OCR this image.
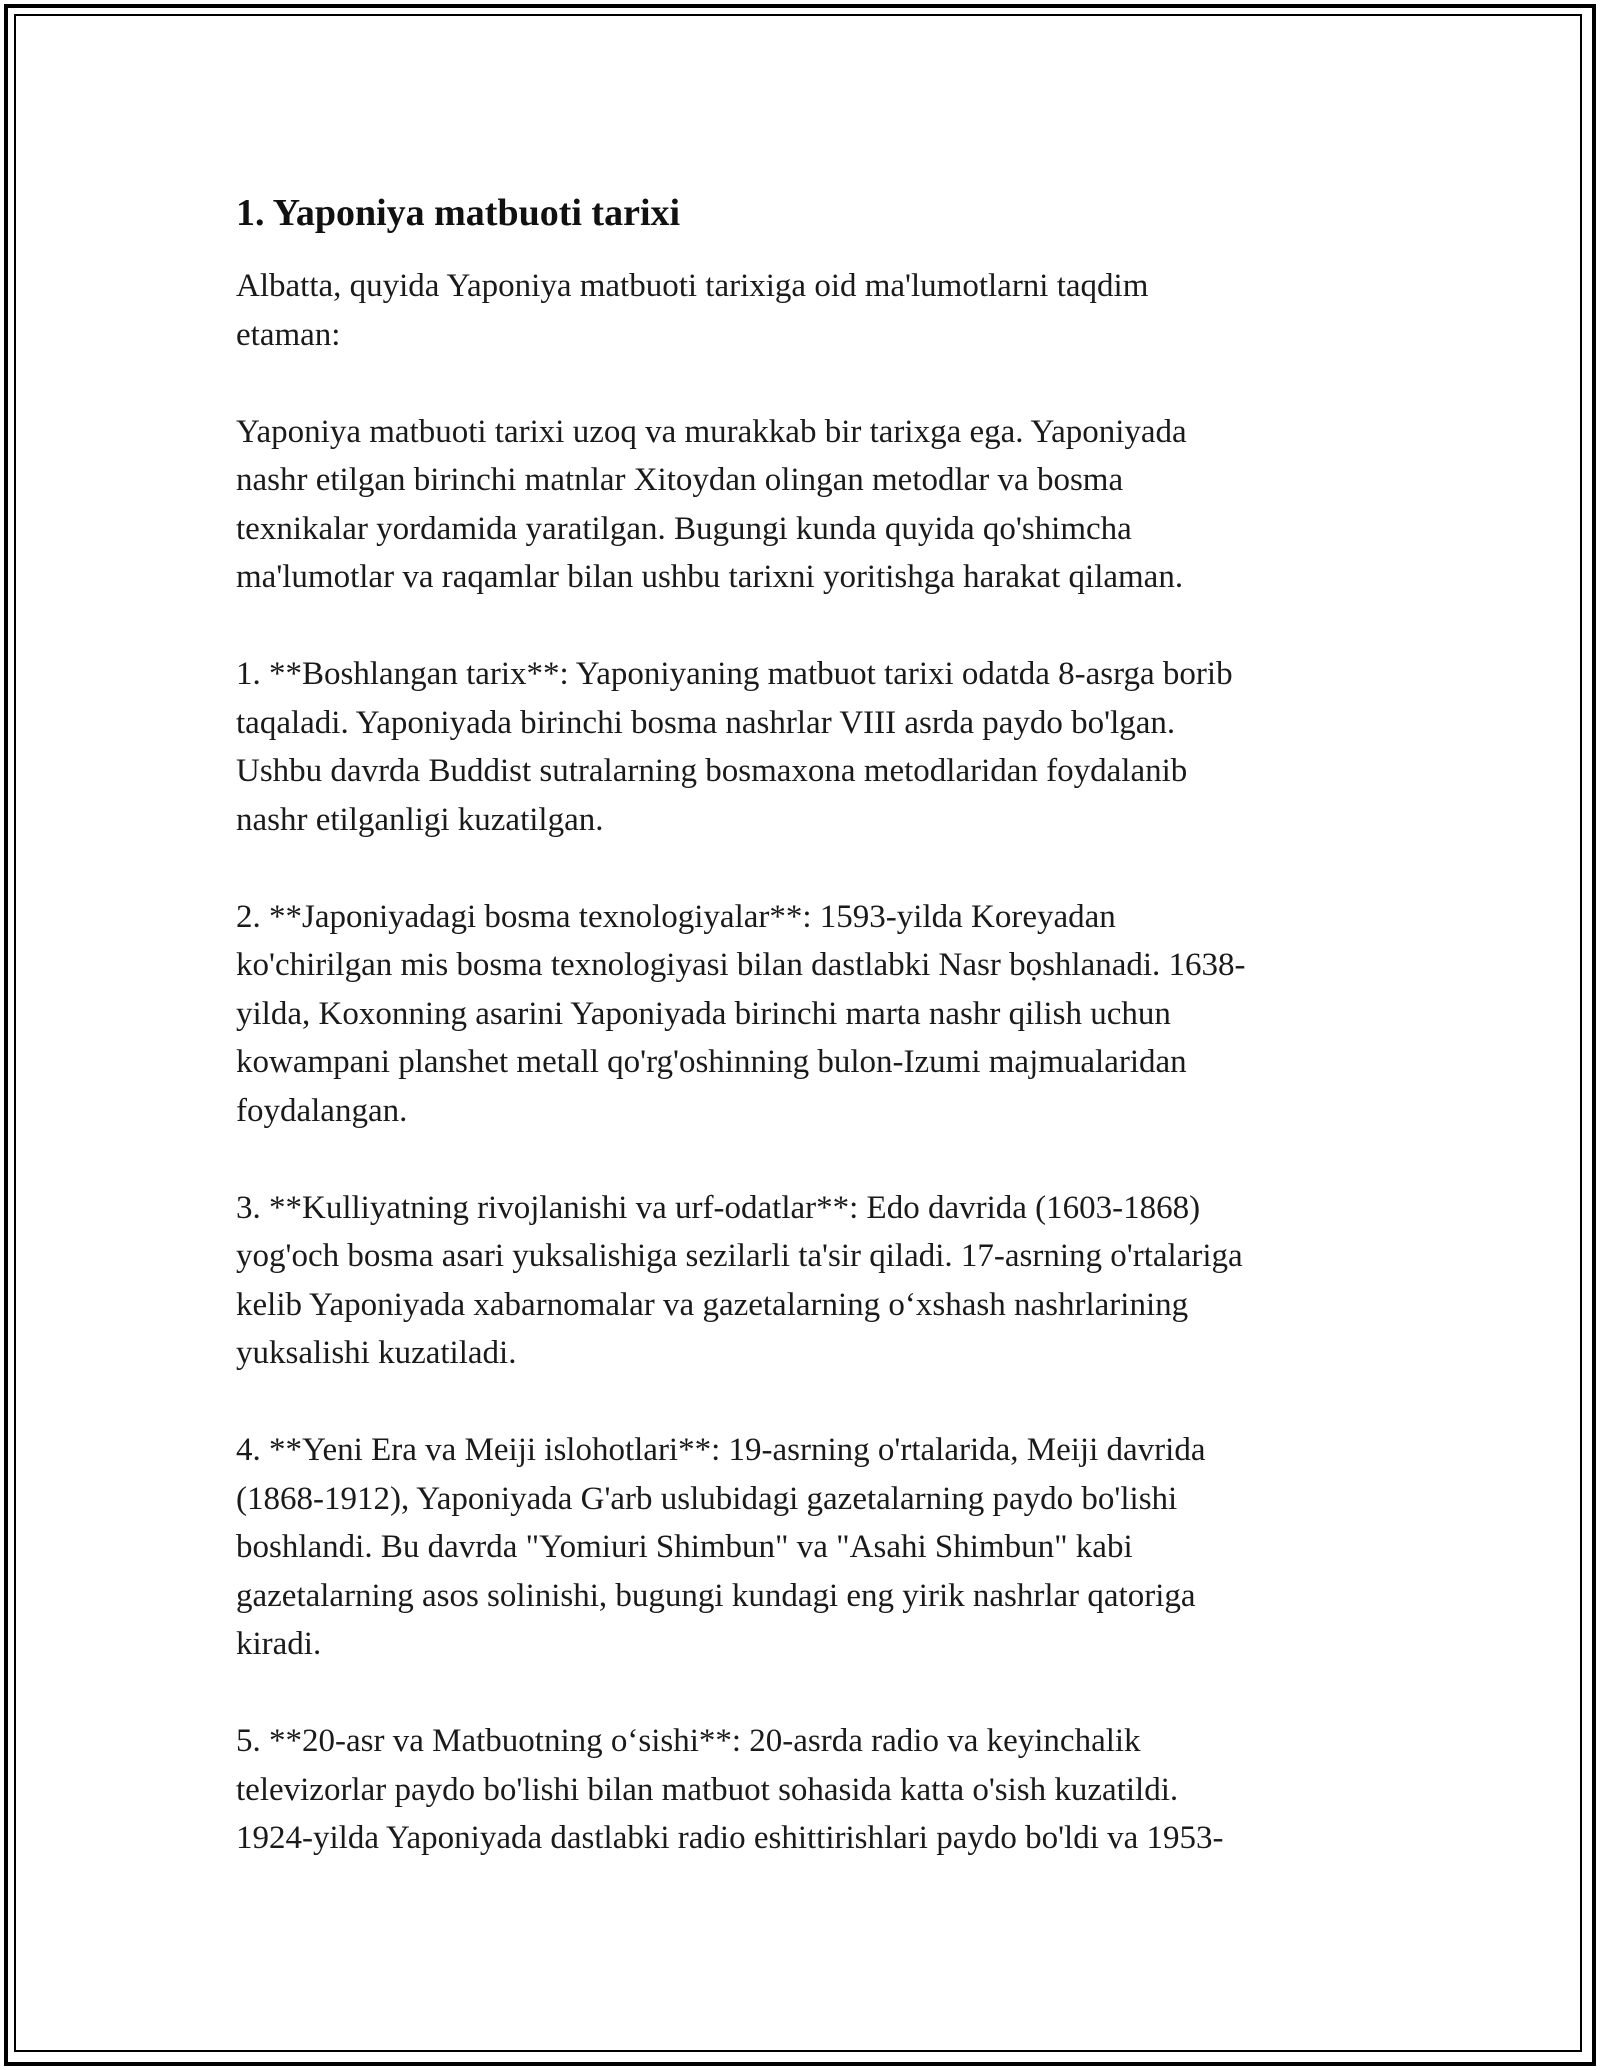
1. Yaponiya matbuoti tarixi

Albatta, quyida Yaponiya matbuoti tarixiga oid ma'lumotlarni taqdim
etaman:

Yaponiya matbuoti tarixi uzoq va murakkab bir tarixga ega. Yaponiyada
nashr etilgan birinchi matnlar Xitoydan olingan metodlar va bosma
texnikalar yordamida yaratilgan. Bugungi kunda quyida qo'shimcha
ma'lumotlar va raqamlar bilan ushbu tarixni yoritishga harakat qilaman.

1. **Boshlangan tarix**: Yaponiyaning matbuot tarixi odatda 8-asrga borib
taqaladi. Yaponiyada birinchi bosma nashrlar VIII asrda paydo bo'lgan.
Ushbu davrda Buddist sutralarning bosmaxona metodlaridan foydalanib
nashr etilganligi kuzatilgan.

2. **Japoniyadagi bosma texnologiyalar**: 1593-yilda Koreyadan
ko'chirilgan mis bosma texnologiyasi bilan dastlabki Nasr bọshlanadi. 1638-
yilda, Koxonning asarini Yaponiyada birinchi marta nashr qilish uchun
kowampani planshet metall qo'rg'oshinning bulon-Izumi majmualaridan
foydalangan.

3. **Kulliyatning rivojlanishi va urf-odatlar**: Edo davrida (1603-1868)
yog'och bosma asari yuksalishiga sezilarli ta'sir qiladi. 17-asrning o'rtalariga
kelib Yaponiyada xabarnomalar va gazetalarning o‘xshash nashrlarining
yuksalishi kuzatiladi.

4. **Yeni Era va Meiji islohotlari**: 19-asrning o'rtalarida, Meiji davrida
(1868-1912), Yaponiyada G'arb uslubidagi gazetalarning paydo bo'lishi
boshlandi. Bu davrda "Yomiuri Shimbun" va "Asahi Shimbun" kabi
gazetalarning asos solinishi, bugungi kundagi eng yirik nashrlar qatoriga
kiradi.

5. **20-asr va Matbuotning o‘sishi**: 20-asrda radio va keyinchalik
televizorlar paydo bo'lishi bilan matbuot sohasida katta o'sish kuzatildi.
1924-yilda Yaponiyada dastlabki radio eshittirishlari paydo bo'ldi va 1953-
